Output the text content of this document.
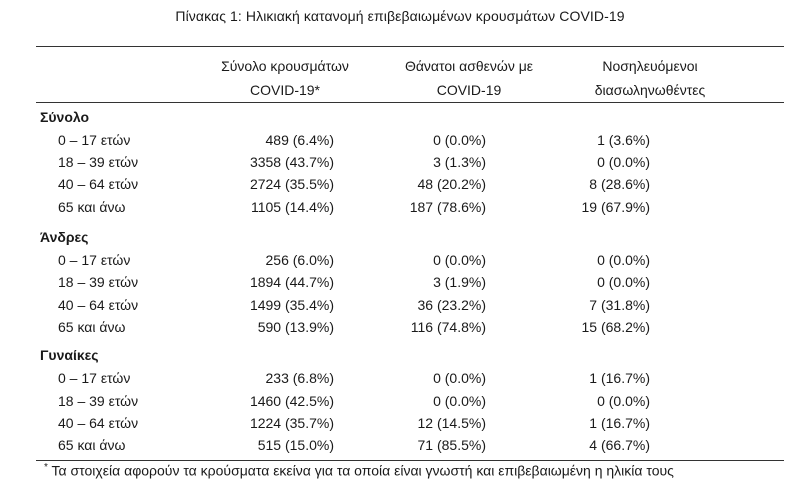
Πίνακας 1: Ηλικιακή κατανομή επιβεβαιωμένων κρουσμάτων COVID-19
Σύνολο κρουσμάτων
COVID-19*
Θάνατοι ασθενών με
COVID-19
Νοσηλευόμενοι
διασωληνωθέντες
Σύνολο
0 – 17 ετών	489 (6.4%)	0 (0.0%)	1 (3.6%)
18 – 39 ετών	3358 (43.7%)	3 (1.3%)	0 (0.0%)
40 – 64 ετών	2724 (35.5%)	48 (20.2%)	8 (28.6%)
65 και άνω	1105 (14.4%)	187 (78.6%)	19 (67.9%)
Άνδρες
0 – 17 ετών	256 (6.0%)	0 (0.0%)	0 (0.0%)
18 – 39 ετών	1894 (44.7%)	3 (1.9%)	0 (0.0%)
40 – 64 ετών	1499 (35.4%)	36 (23.2%)	7 (31.8%)
65 και άνω	590 (13.9%)	116 (74.8%)	15 (68.2%)
Γυναίκες
0 – 17 ετών	233 (6.8%)	0 (0.0%)	1 (16.7%)
18 – 39 ετών	1460 (42.5%)	0 (0.0%)	0 (0.0%)
40 – 64 ετών	1224 (35.7%)	12 (14.5%)	1 (16.7%)
65 και άνω	515 (15.0%)	71 (85.5%)	4 (66.7%)
* Τα στοιχεία αφορούν τα κρούσματα εκείνα για τα οποία είναι γνωστή και επιβεβαιωμένη η ηλικία τους
